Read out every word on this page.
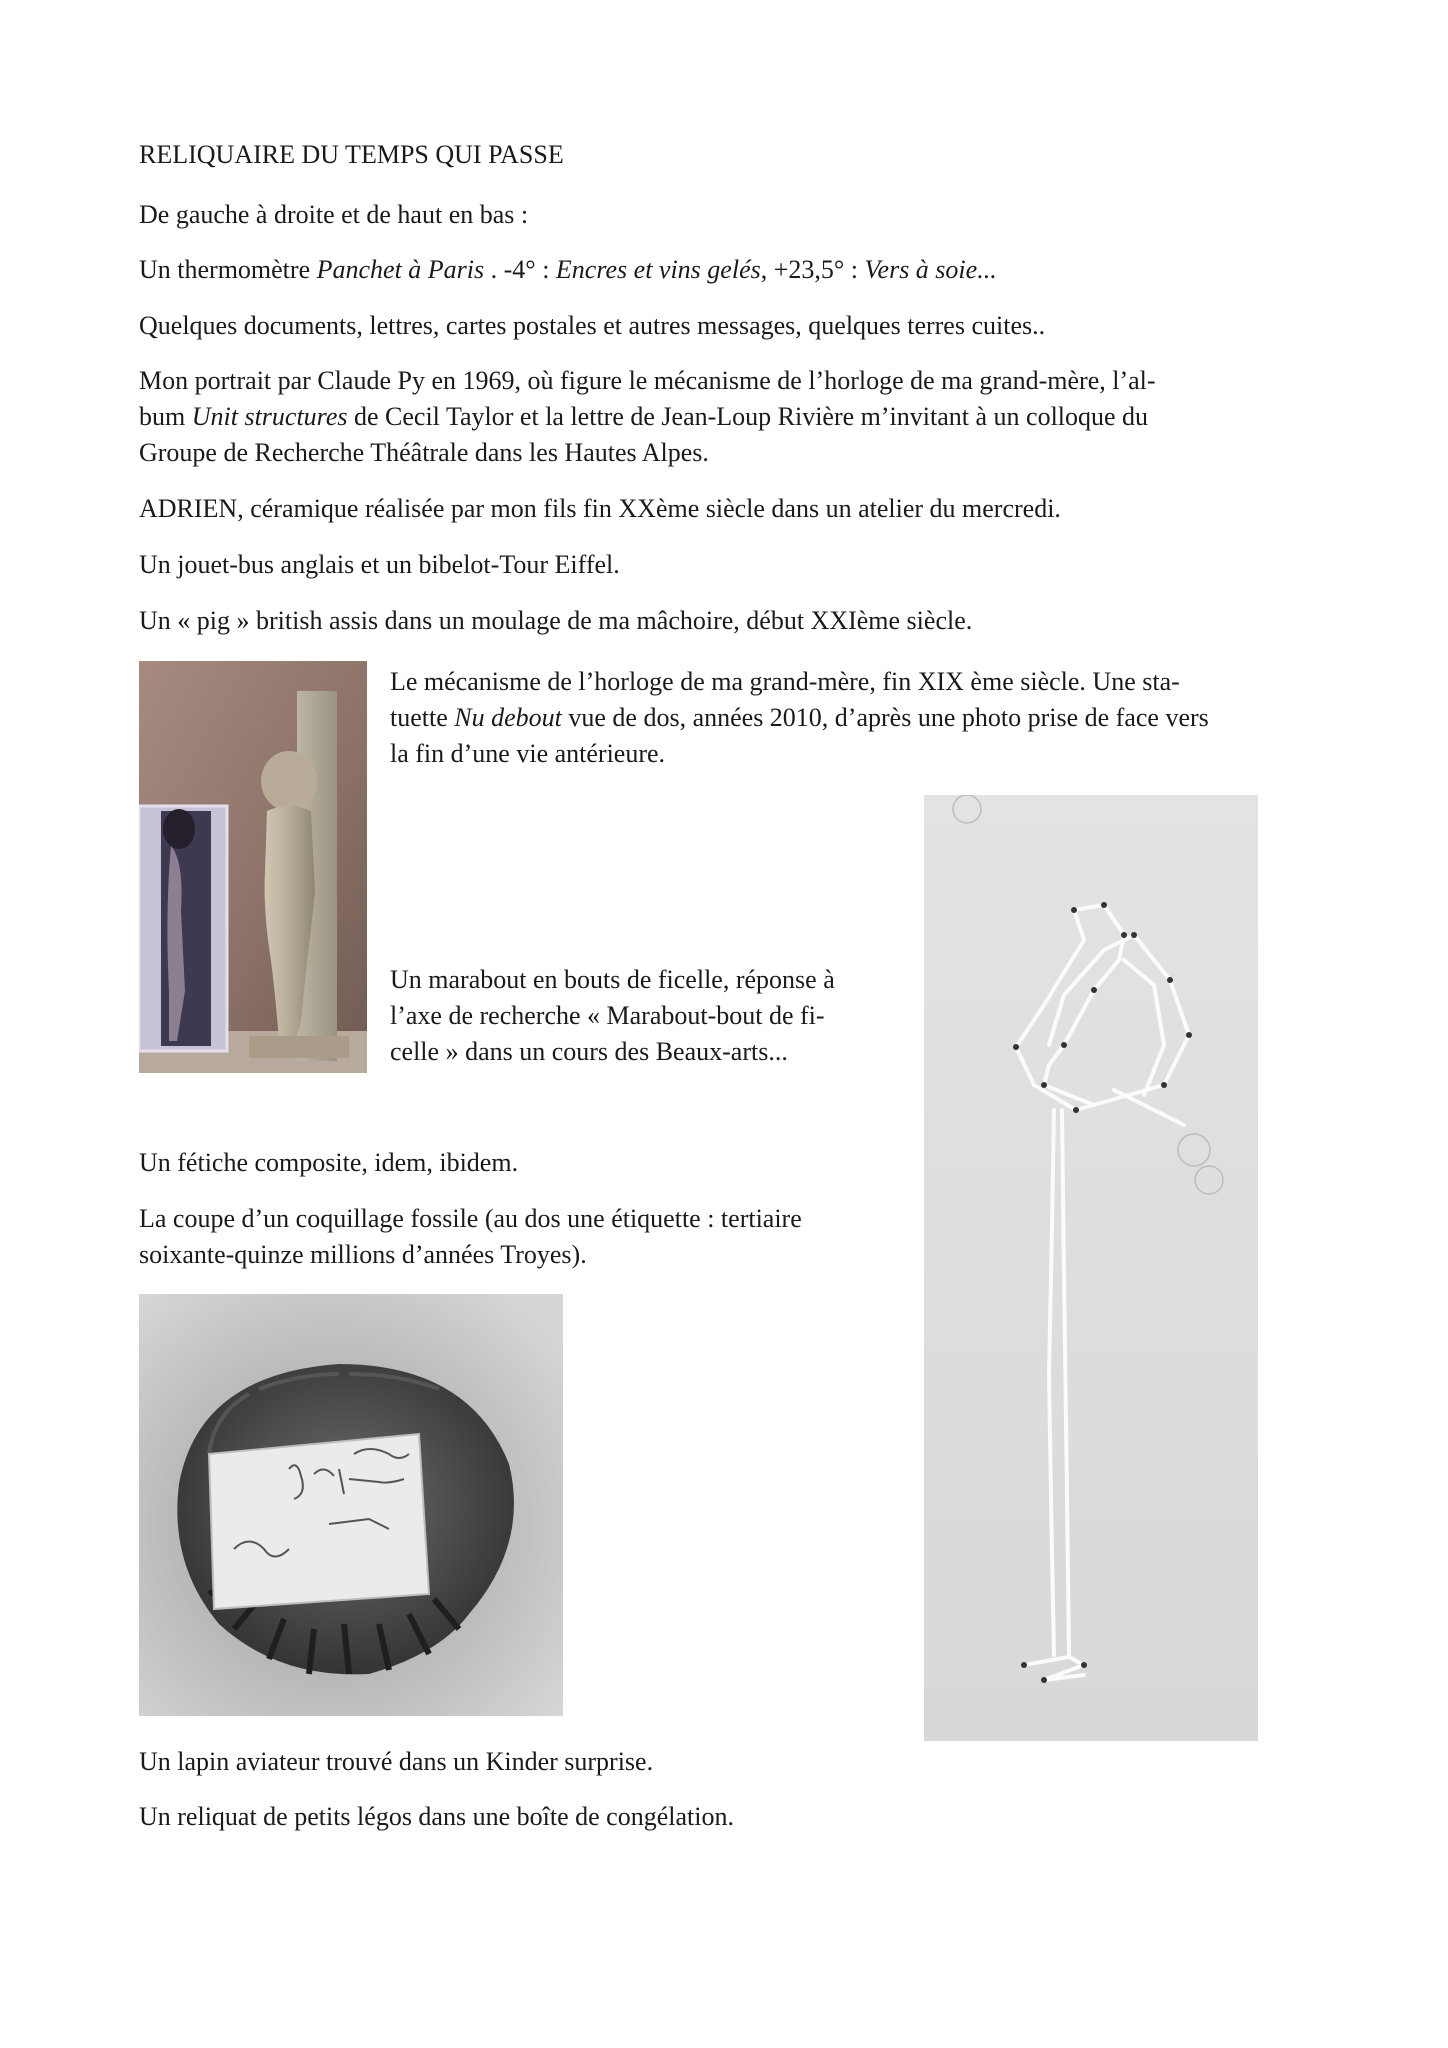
RELIQUAIRE DU TEMPS QUI PASSE

De gauche à droite et de haut en bas :

Un thermomètre Panchet à Paris . -4° : Encres et vins gelés, +23,5° : Vers à soie...

Quelques documents, lettres, cartes postales et autres messages, quelques terres cuites..

Mon portrait par Claude Py en 1969, où figure le mécanisme de l’horloge de ma grand-mère, l’al-

bum Unit structures de Cecil Taylor et la lettre de Jean-Loup Rivière m’invitant à un colloque du

Groupe de Recherche Théâtrale dans les Hautes Alpes.

ADRIEN, céramique réalisée par mon fils fin XXème siècle dans un atelier du mercredi.

Un jouet-bus anglais et un bibelot-Tour Eiffel.

Un « pig » british assis dans un moulage de ma mâchoire, début XXIème siècle.

Le mécanisme de l’horloge de ma grand-mère, fin XIX ème siècle. Une sta-

tuette Nu debout vue de dos, années 2010, d’après une photo prise de face vers

la fin d’une vie antérieure.

Un marabout en bouts de ficelle, réponse à

l’axe de recherche « Marabout-bout de fi-

celle » dans un cours des Beaux-arts...

Un fétiche composite, idem, ibidem.

La coupe d’un coquillage fossile (au dos une étiquette : tertiaire

soixante-quinze millions d’années Troyes).

Un lapin aviateur trouvé dans un Kinder surprise.

Un reliquat de petits légos dans une boîte de congélation.
